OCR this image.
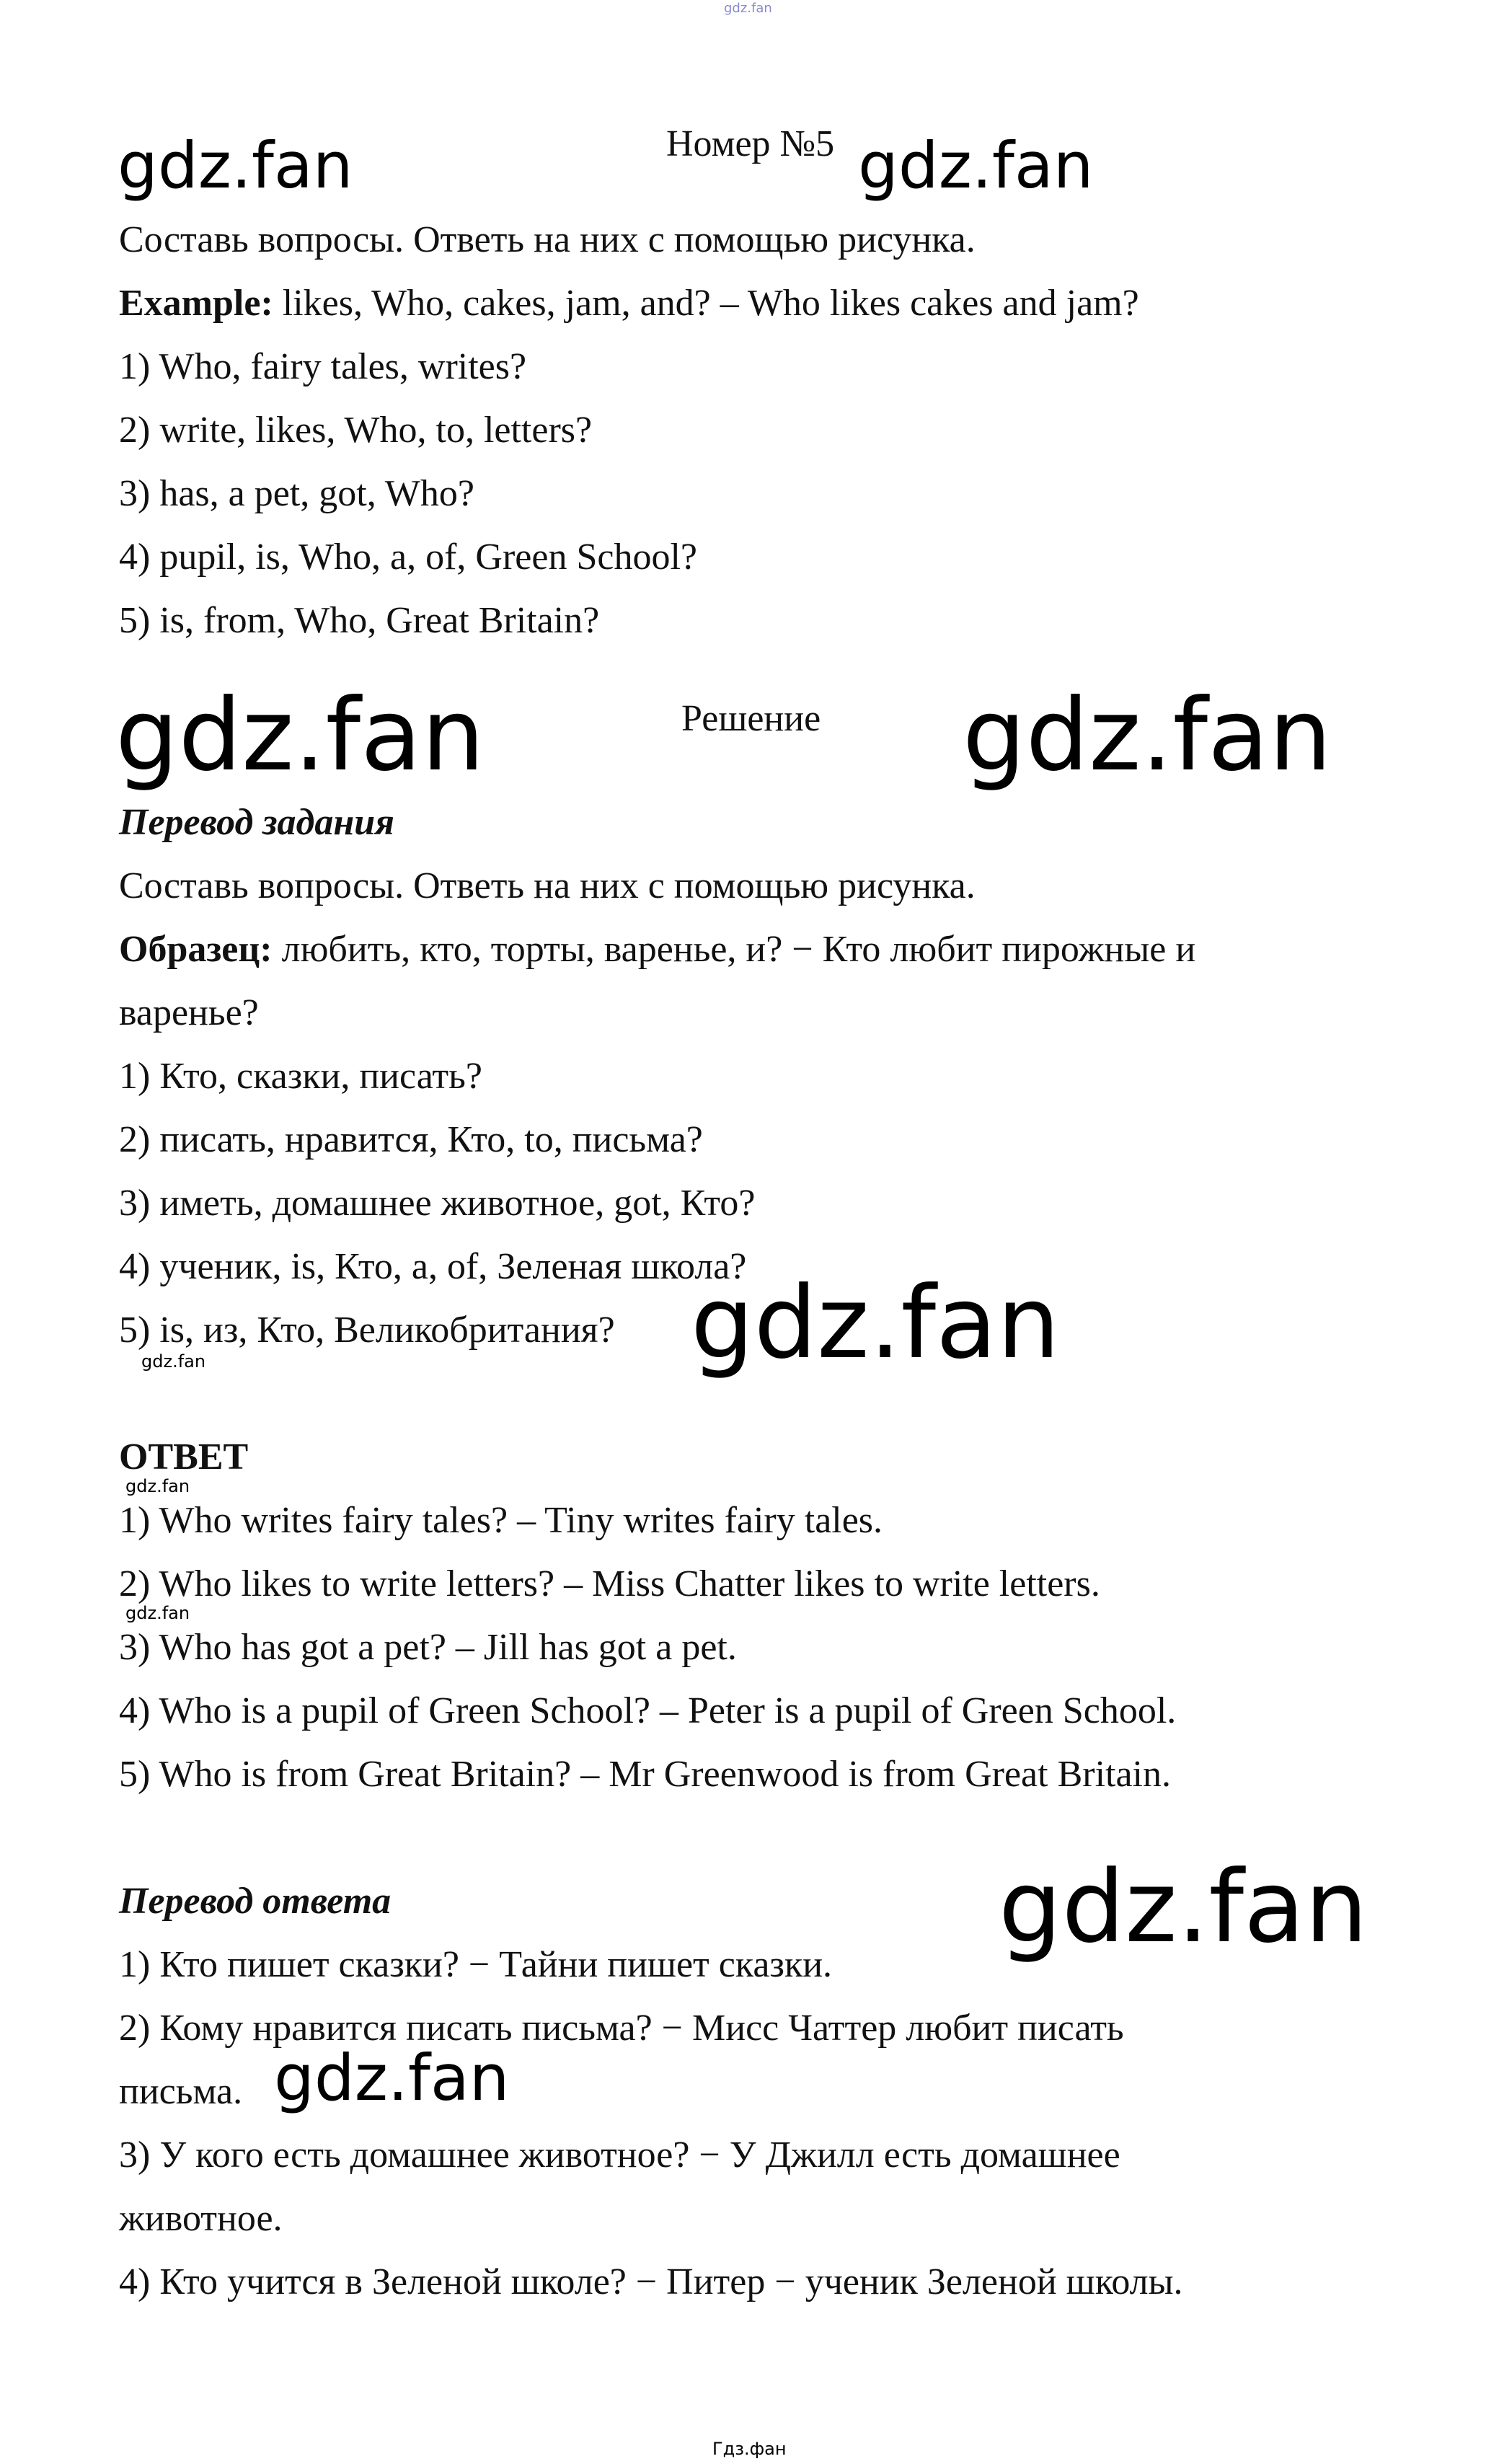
gdz.fan
gdz.fan	Номер №5 gdz.fan
Составь вопросы. Ответь на них с помощью рисунка.
Example: likes, Who, cakes, jam, and? – Who likes cakes and jam?
1) Who, fairy tales, writes?
2) write, likes, Who, to, letters?
3) has, a pet, got, Who?
4) pupil, is, Who, a, of, Green School?
5) is, from, Who, Great Britain?
gdz.fan	Решение gdz.fan
Перевод задания
Составь вопросы. Ответь на них с помощью рисунка.
Образец: любить, кто, торты, варенье, и? − Кто любит пирожные и
варенье?
1) Кто, сказки, писать?
2) писать, нравится, Кто, to, письма?
3) иметь, домашнее животное, got, Кто?
4) ученик, is, Кто, a, of, Зеленая школа?
5) is, из, Кто, Великобритания? gdz.fan
gdz.fan
ОТВЕТ
gdz.fan
1) Who writes fairy tales? – Tiny writes fairy tales.
2) Who likes to write letters? – Miss Chatter likes to write letters.
gdz.fan
3) Who has got a pet? – Jill has got a pet.
4) Who is a pupil of Green School? – Peter is a pupil of Green School.
5) Who is from Great Britain? – Mr Greenwood is from Great Britain.
Перевод ответа	gdz.fan
1) Кто пишет сказки? − Тайни пишет сказки.
2) Кому нравится писать письма? − Мисс Чаттер любит писать
письма. gdz.fan
3) У кого есть домашнее животное? − У Джилл есть домашнее
животное.
4) Кто учится в Зеленой школе? − Питер − ученик Зеленой школы.
Гдз.фан
